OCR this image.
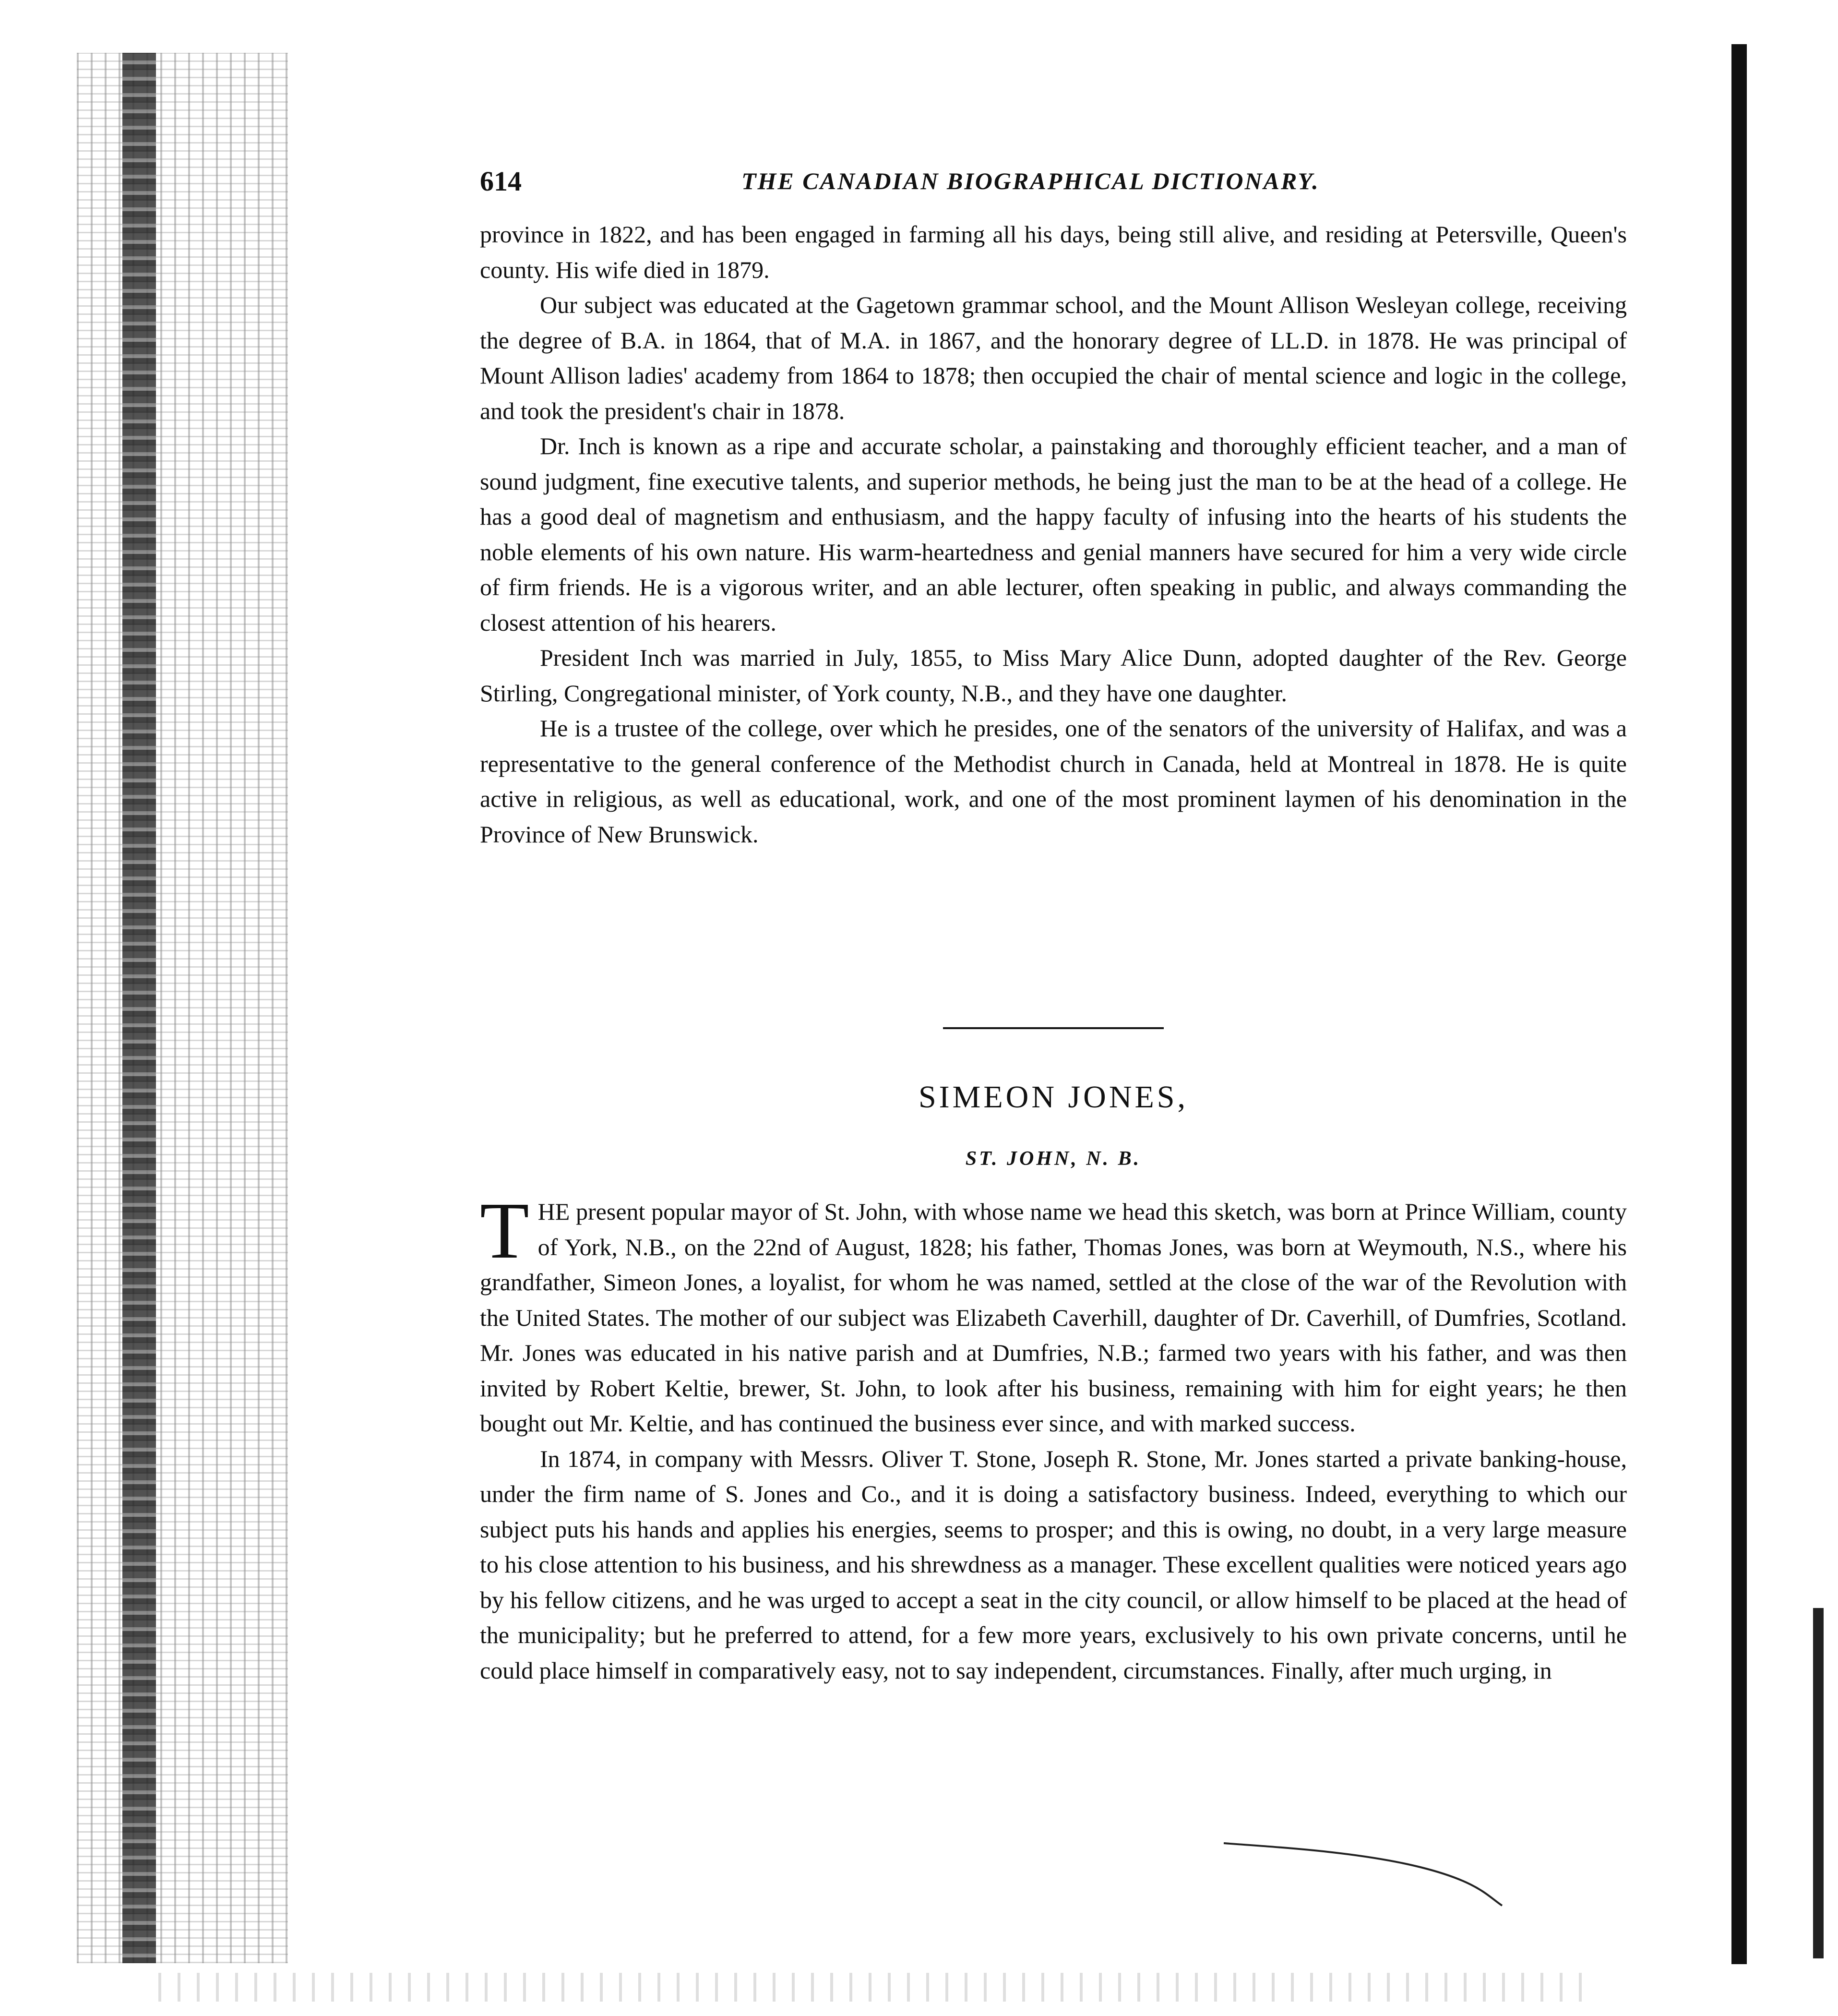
614	THE CANADIAN BIOGRAPHICAL DICTIONARY.

province in 1822, and has been engaged in farming all his days, being still alive, and residing at Petersville, Queen's county. His wife died in 1879.

Our subject was educated at the Gagetown grammar school, and the Mount Allison Wesleyan college, receiving the degree of B.A. in 1864, that of M.A. in 1867, and the honorary degree of LL.D. in 1878. He was principal of Mount Allison ladies' academy from 1864 to 1878; then occupied the chair of mental science and logic in the college, and took the president's chair in 1878.

Dr. Inch is known as a ripe and accurate scholar, a painstaking and thoroughly efficient teacher, and a man of sound judgment, fine executive talents, and superior methods, he being just the man to be at the head of a college. He has a good deal of magnetism and enthusiasm, and the happy faculty of infusing into the hearts of his students the noble elements of his own nature. His warm-heartedness and genial manners have secured for him a very wide circle of firm friends. He is a vigorous writer, and an able lecturer, often speaking in public, and always commanding the closest attention of his hearers.

President Inch was married in July, 1855, to Miss Mary Alice Dunn, adopted daughter of the Rev. George Stirling, Congregational minister, of York county, N.B., and they have one daughter.

He is a trustee of the college, over which he presides, one of the senators of the university of Halifax, and was a representative to the general conference of the Methodist church in Canada, held at Montreal in 1878. He is quite active in religious, as well as educational, work, and one of the most prominent laymen of his denomination in the Province of New Brunswick.

SIMEON JONES,
ST. JOHN, N. B.

THE present popular mayor of St. John, with whose name we head this sketch, was born at Prince William, county of York, N.B., on the 22nd of August, 1828; his father, Thomas Jones, was born at Weymouth, N.S., where his grandfather, Simeon Jones, a loyalist, for whom he was named, settled at the close of the war of the Revolution with the United States. The mother of our subject was Elizabeth Caverhill, daughter of Dr. Caverhill, of Dumfries, Scotland. Mr. Jones was educated in his native parish and at Dumfries, N.B.; farmed two years with his father, and was then invited by Robert Keltie, brewer, St. John, to look after his business, remaining with him for eight years; he then bought out Mr. Keltie, and has continued the business ever since, and with marked success.

In 1874, in company with Messrs. Oliver T. Stone, Joseph R. Stone, Mr. Jones started a private banking-house, under the firm name of S. Jones and Co., and it is doing a satisfactory business. Indeed, everything to which our subject puts his hands and applies his energies, seems to prosper; and this is owing, no doubt, in a very large measure to his close attention to his business, and his shrewdness as a manager. These excellent qualities were noticed years ago by his fellow citizens, and he was urged to accept a seat in the city council, or allow himself to be placed at the head of the municipality; but he preferred to attend, for a few more years, exclusively to his own private concerns, until he could place himself in comparatively easy, not to say independent, circumstances. Finally, after much urging, in
